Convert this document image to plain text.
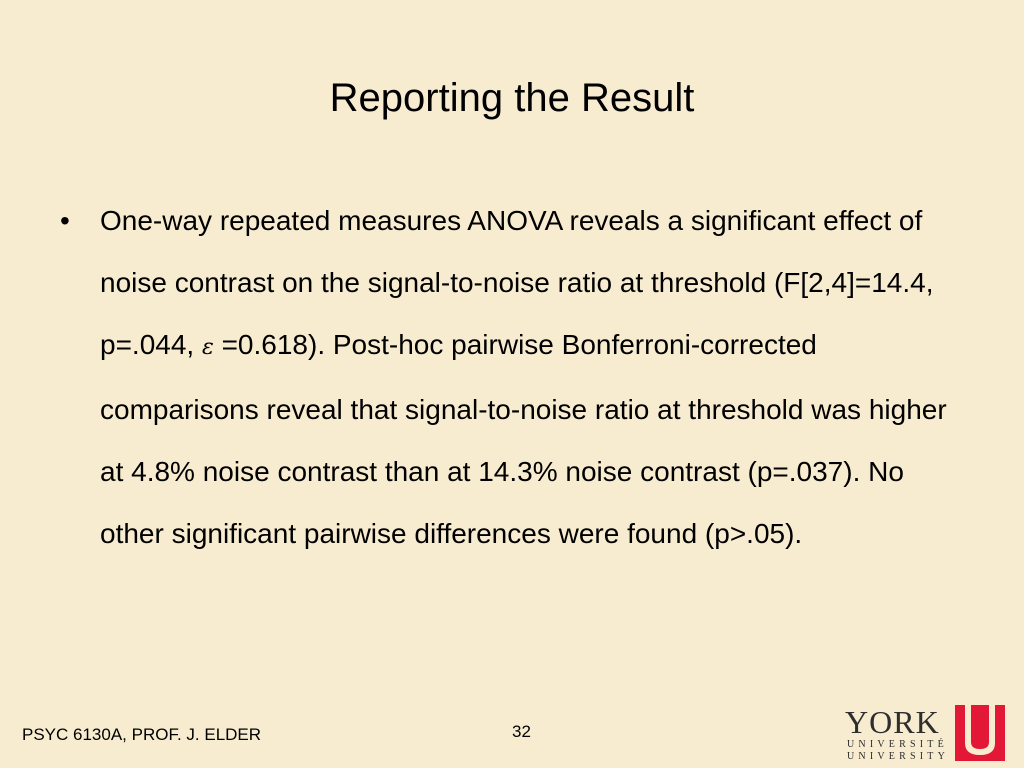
Reporting the Result
• One-way repeated measures ANOVA reveals a significant effect of noise contrast on the signal-to-noise ratio at threshold (F[2,4]=14.4, p=.044, ε =0.618). Post-hoc pairwise Bonferroni-corrected comparisons reveal that signal-to-noise ratio at threshold was higher at 4.8% noise contrast than at 14.3% noise contrast (p=.037). No other significant pairwise differences were found (p>.05).
PSYC 6130A, PROF. J. ELDER	32	YORK
UNIVERSITÉ
UNIVERSITY
